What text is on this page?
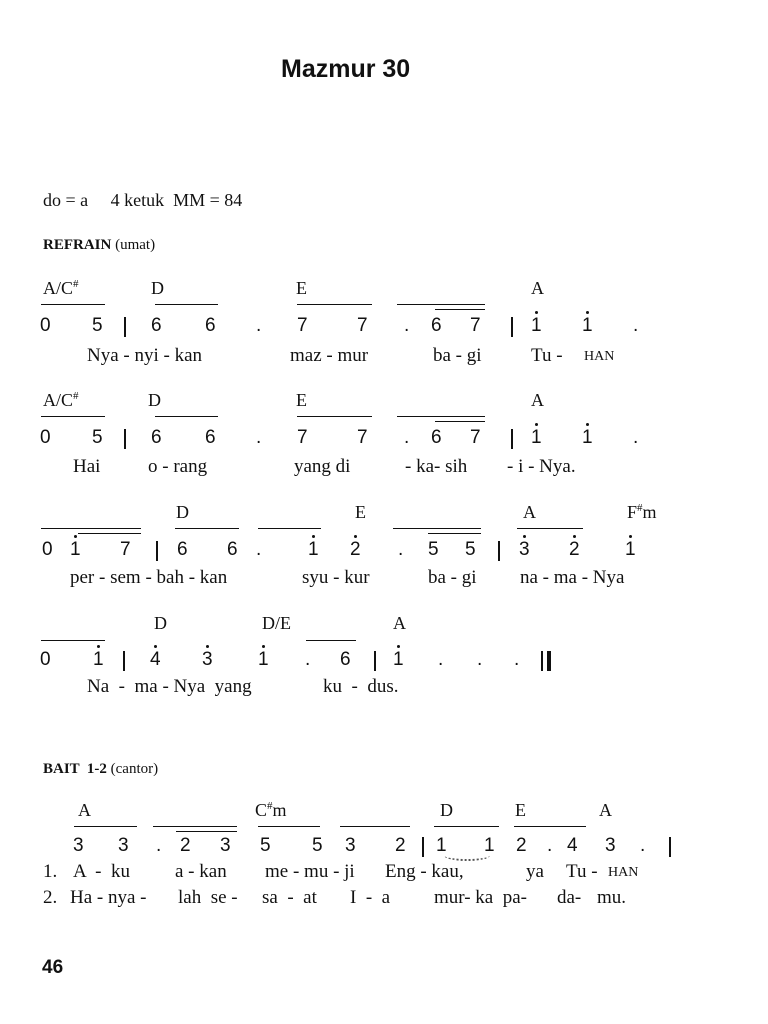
Mazmur 30
do = a     4 ketuk  MM = 84
REFRAIN (umat)
A/C#	D	E	A
0 5	6 6 . 7	7 . 6 7	1 1 .
Nya - nyi - kan	maz - mur	ba - gi	Tu - HAN
A/C#	D	E	A
0 5	6 6 . 7	7 . 6 7	1 1 .
Hai	o - rang	yang di	- ka- sih - i - Nya.
D	E	A	F#m
0 1 7 6 6 . 1 2 . 5 5 3 2 1
per - sem - bah - kan	syu - kur	ba - gi na - ma - Nya
D	D/E	A
0 1 4 3 1 . 6 1 . . .
Na  -  ma - Nya  yang	ku  -  dus.
BAIT  1-2 (cantor)
A	C#m	D	E	A
3 3 . 2 3 5 5 3 2 1 1 2 . 4 3 .
1. A  -  ku a - kan me - mu - ji Eng - kau,	ya Tu - HAN
2. Ha - nya - lah  se - sa  -  at I  -  a mur- ka  pa- da- mu.
46
